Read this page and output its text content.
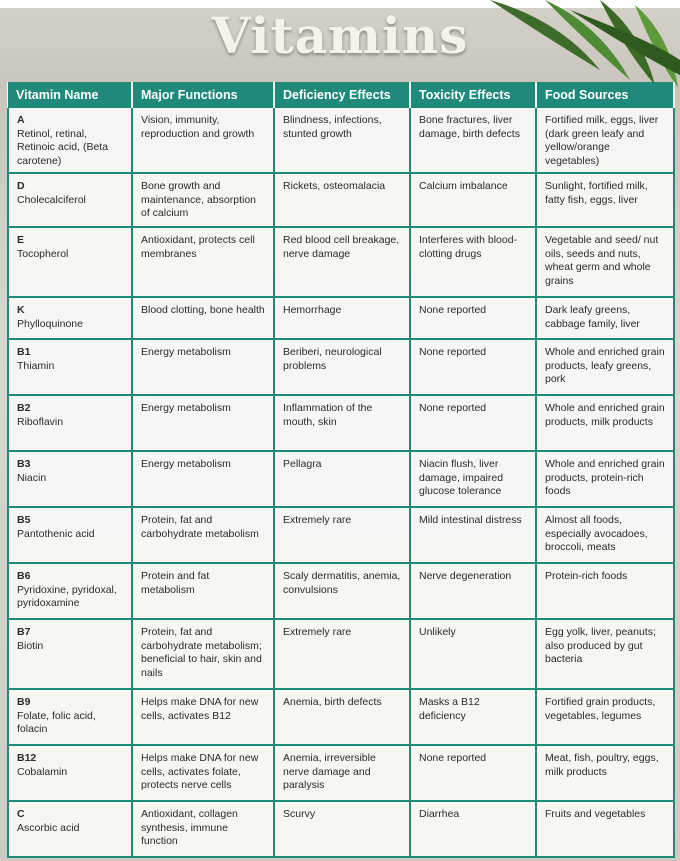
Vitamins
Vitamin Name	Major Functions	Deficiency Effects	Toxicity Effects	Food Sources

A
Retinol, retinal, Retinoic acid, (Beta carotene)	Vision, immunity, reproduction and growth	Blindness, infections, stunted growth	Bone fractures, liver damage, birth defects	Fortified milk, eggs, liver (dark green leafy and yellow/orange vegetables)

D
Cholecalciferol	Bone growth and maintenance, absorption of calcium	Rickets, osteomalacia	Calcium imbalance	Sunlight, fortified milk, fatty fish, eggs, liver

E
Tocopherol	Antioxidant, protects cell membranes	Red blood cell breakage, nerve damage	Interferes with blood-clotting drugs	Vegetable and seed/ nut oils, seeds and nuts, wheat germ and whole grains

K
Phylloquinone	Blood clotting, bone health	Hemorrhage	None reported	Dark leafy greens, cabbage family, liver

B1
Thiamin	Energy metabolism	Beriberi, neurological problems	None reported	Whole and enriched grain products, leafy greens, pork

B2
Riboflavin	Energy metabolism	Inflammation of the mouth, skin	None reported	Whole and enriched grain products, milk products

B3
Niacin	Energy metabolism	Pellagra	Niacin flush, liver damage, impaired glucose tolerance	Whole and enriched grain products, protein-rich foods

B5
Pantothenic acid	Protein, fat and carbohydrate metabolism	Extremely rare	Mild intestinal distress	Almost all foods, especially avocadoes, broccoli, meats

B6
Pyridoxine, pyridoxal, pyridoxamine	Protein and fat metabolism	Scaly dermatitis, anemia, convulsions	Nerve degeneration	Protein-rich foods

B7
Biotin	Protein, fat and carbohydrate metabolism; beneficial to hair, skin and nails	Extremely rare	Unlikely	Egg yolk, liver, peanuts; also produced by gut bacteria

B9
Folate, folic acid, folacin	Helps make DNA for new cells, activates B12	Anemia, birth defects	Masks a B12 deficiency	Fortified grain products, vegetables, legumes

B12
Cobalamin	Helps make DNA for new cells, activates folate, protects nerve cells	Anemia, irreversible nerve damage and paralysis	None reported	Meat, fish, poultry, eggs, milk products

C
Ascorbic acid	Antioxidant, collagen synthesis, immune function	Scurvy	Diarrhea	Fruits and vegetables
